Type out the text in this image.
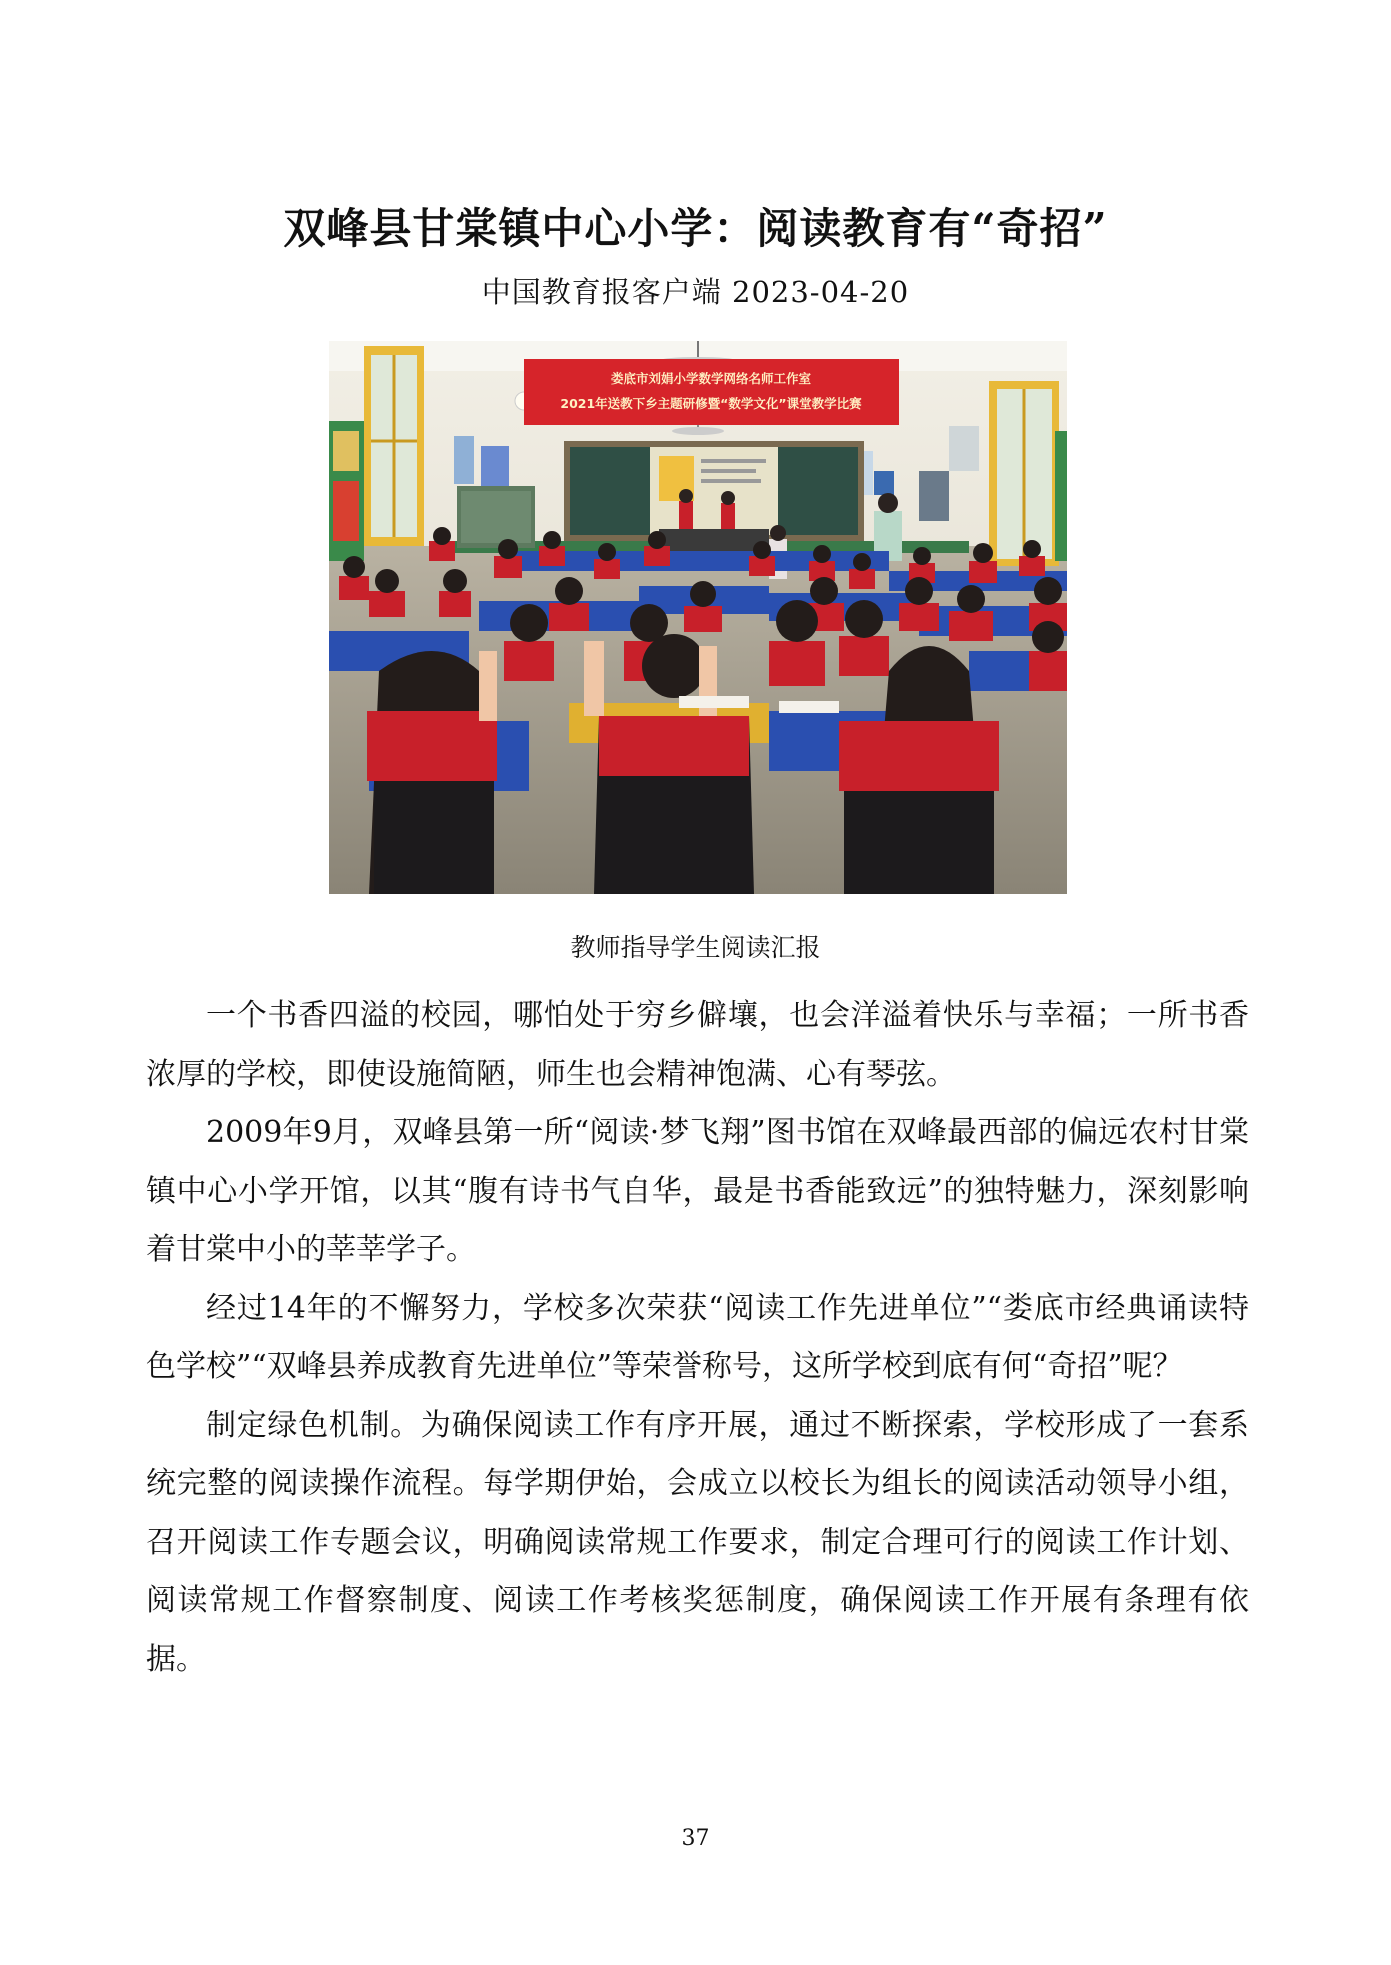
双峰县甘棠镇中心小学：阅读教育有“奇招”
中国教育报客户端 2023-04-20
娄底市刘娟小学数学网络名师工作室
2021年送教下乡主题研修暨“数学文化”课堂教学比赛
教师指导学生阅读汇报

一个书香四溢的校园，哪怕处于穷乡僻壤，也会洋溢着快乐与幸福；一所书香浓厚的学校，即使设施简陋，师生也会精神饱满、心有琴弦。

2009年9月，双峰县第一所“阅读·梦飞翔”图书馆在双峰最西部的偏远农村甘棠镇中心小学开馆，以其“腹有诗书气自华，最是书香能致远”的独特魅力，深刻影响着甘棠中小的莘莘学子。

经过14年的不懈努力，学校多次荣获“阅读工作先进单位”“娄底市经典诵读特色学校”“双峰县养成教育先进单位”等荣誉称号，这所学校到底有何“奇招”呢？

制定绿色机制。为确保阅读工作有序开展，通过不断探索，学校形成了一套系统完整的阅读操作流程。每学期伊始，会成立以校长为组长的阅读活动领导小组，召开阅读工作专题会议，明确阅读常规工作要求，制定合理可行的阅读工作计划、阅读常规工作督察制度、阅读工作考核奖惩制度，确保阅读工作开展有条理有依据。

37
